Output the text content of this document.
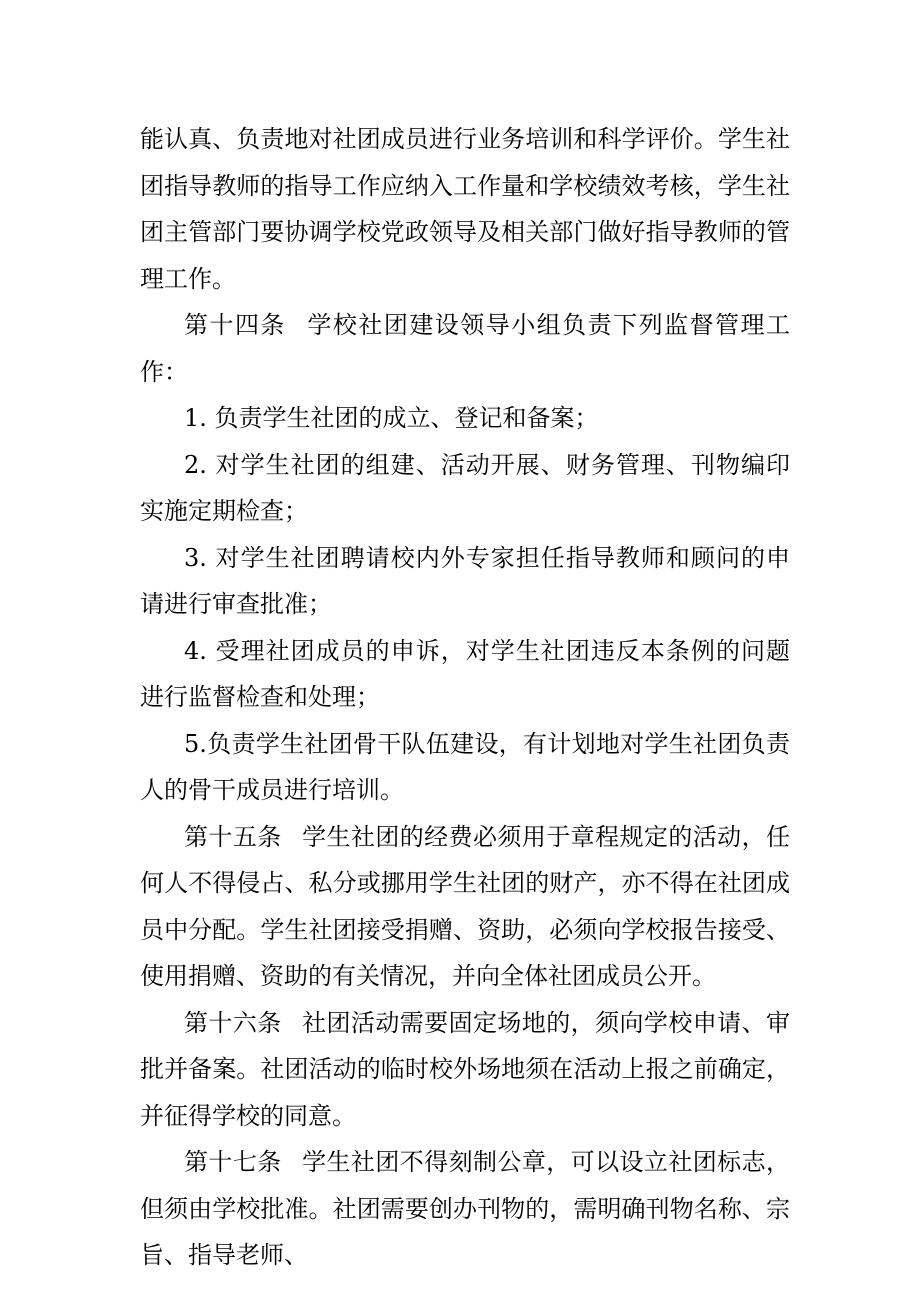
能认真、负责地对社团成员进行业务培训和科学评价。学生社团指导教师的指导工作应纳入工作量和学校绩效考核，学生社团主管部门要协调学校党政领导及相关部门做好指导教师的管理工作。

第十四条 学校社团建设领导小组负责下列监督管理工作：

1. 负责学生社团的成立、登记和备案；

2. 对学生社团的组建、活动开展、财务管理、刊物编印实施定期检查；

3. 对学生社团聘请校内外专家担任指导教师和顾问的申请进行审查批准；

4. 受理社团成员的申诉，对学生社团违反本条例的问题进行监督检查和处理；

5.负责学生社团骨干队伍建设，有计划地对学生社团负责人的骨干成员进行培训。

第十五条 学生社团的经费必须用于章程规定的活动，任何人不得侵占、私分或挪用学生社团的财产，亦不得在社团成员中分配。学生社团接受捐赠、资助，必须向学校报告接受、使用捐赠、资助的有关情况，并向全体社团成员公开。

第十六条 社团活动需要固定场地的，须向学校申请、审批并备案。社团活动的临时校外场地须在活动上报之前确定，并征得学校的同意。

第十七条 学生社团不得刻制公章，可以设立社团标志，但须由学校批准。社团需要创办刊物的，需明确刊物名称、宗旨、指导老师、
